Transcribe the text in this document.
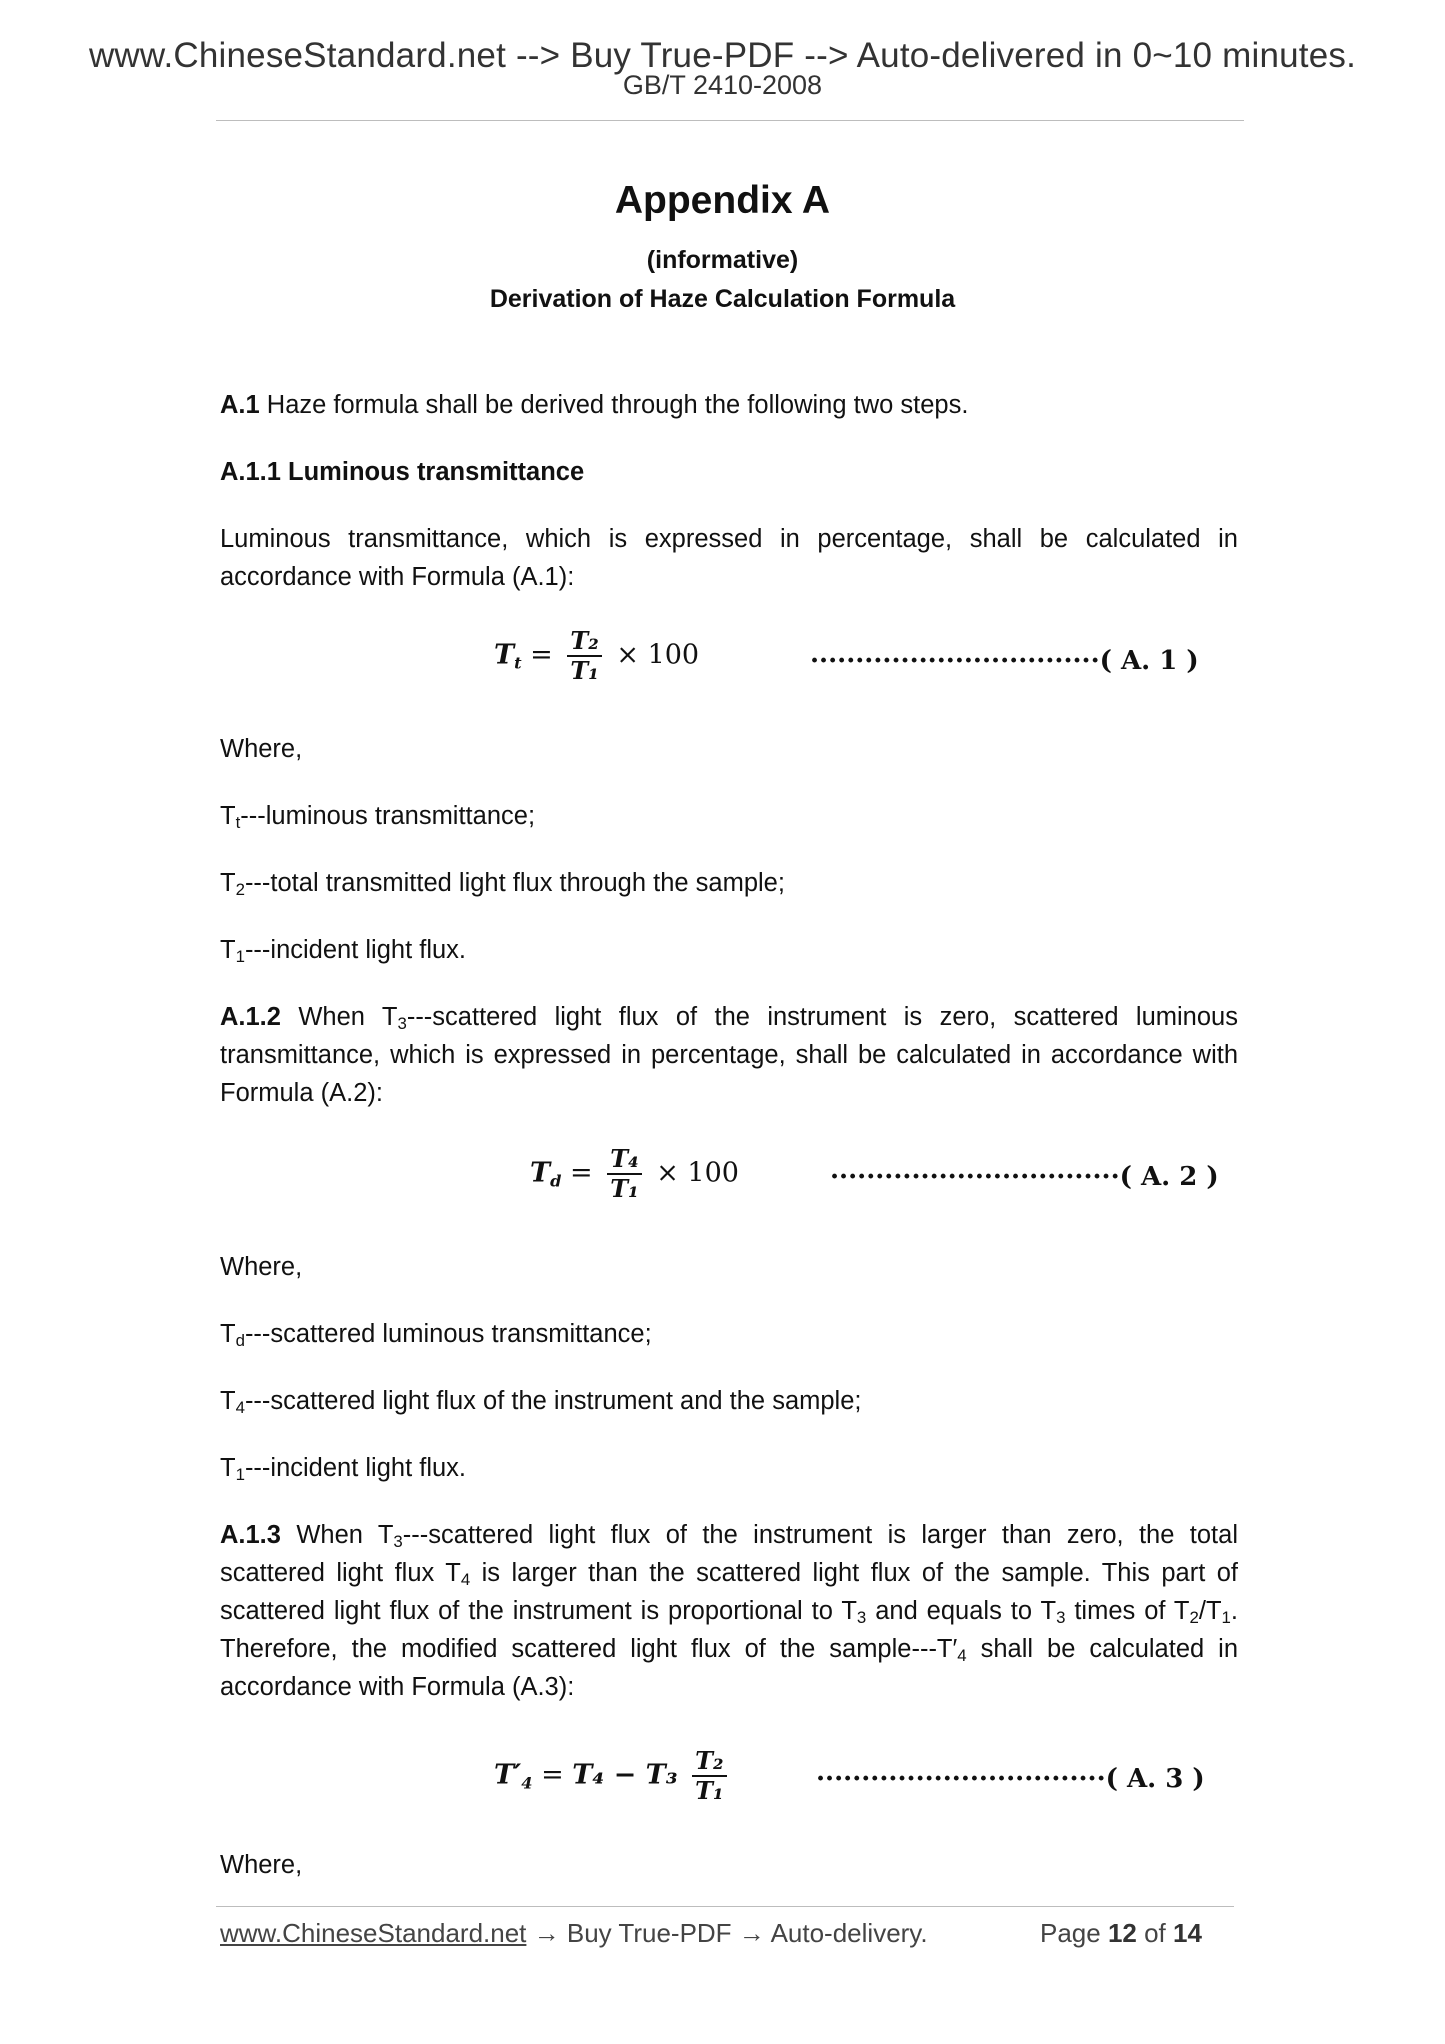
www.ChineseStandard.net --> Buy True-PDF --> Auto-delivered in 0~10 minutes.
GB/T 2410-2008
Appendix A
(informative)
Derivation of Haze Calculation Formula

A.1 Haze formula shall be derived through the following two steps.

A.1.1 Luminous transmittance

Luminous transmittance, which is expressed in percentage, shall be calculated in accordance with Formula (A.1):

$T_t = \frac{\text{T₂}}{\text{T₁}} \times 100$	································( A. 1 )

Where,

$T_t--$-luminous transmittance;

$T_2--$-total transmitted light flux through the sample;

$T_1--$-incident light flux.

A.1.2 When $T_3--$-scattered light flux of the instrument is zero, scattered luminous transmittance, which is expressed in percentage, shall be calculated in accordance with Formula (A.2):

$T_d = \frac{\text{T₄}}{\text{T₁}} \times 100$	································( A. 2 )

Where,

$T_d--$-scattered luminous transmittance;

$T_4--$-scattered light flux of the instrument and the sample;

$T_1--$-incident light flux.

A.1.3 When $T_3--$-scattered light flux of the instrument is larger than zero, the total scattered light flux $T_4$ is larger than the scattered light flux of the sample. This part of scattered light flux of the instrument is proportional to $T_3$ and equals to $T_3$ times of $T_2/T_1$. Therefore, the modified scattered light flux of the sample-$--T'_4$ shall be calculated in accordance with Formula (A.3):

$T'_4 = T_4 - T_3 \frac{\text{T₂}}{\text{T₁}}$	································( A. 3 )

Where,

www.ChineseStandard.net → Buy True-PDF → Auto-delivery.	Page 12 of 14
